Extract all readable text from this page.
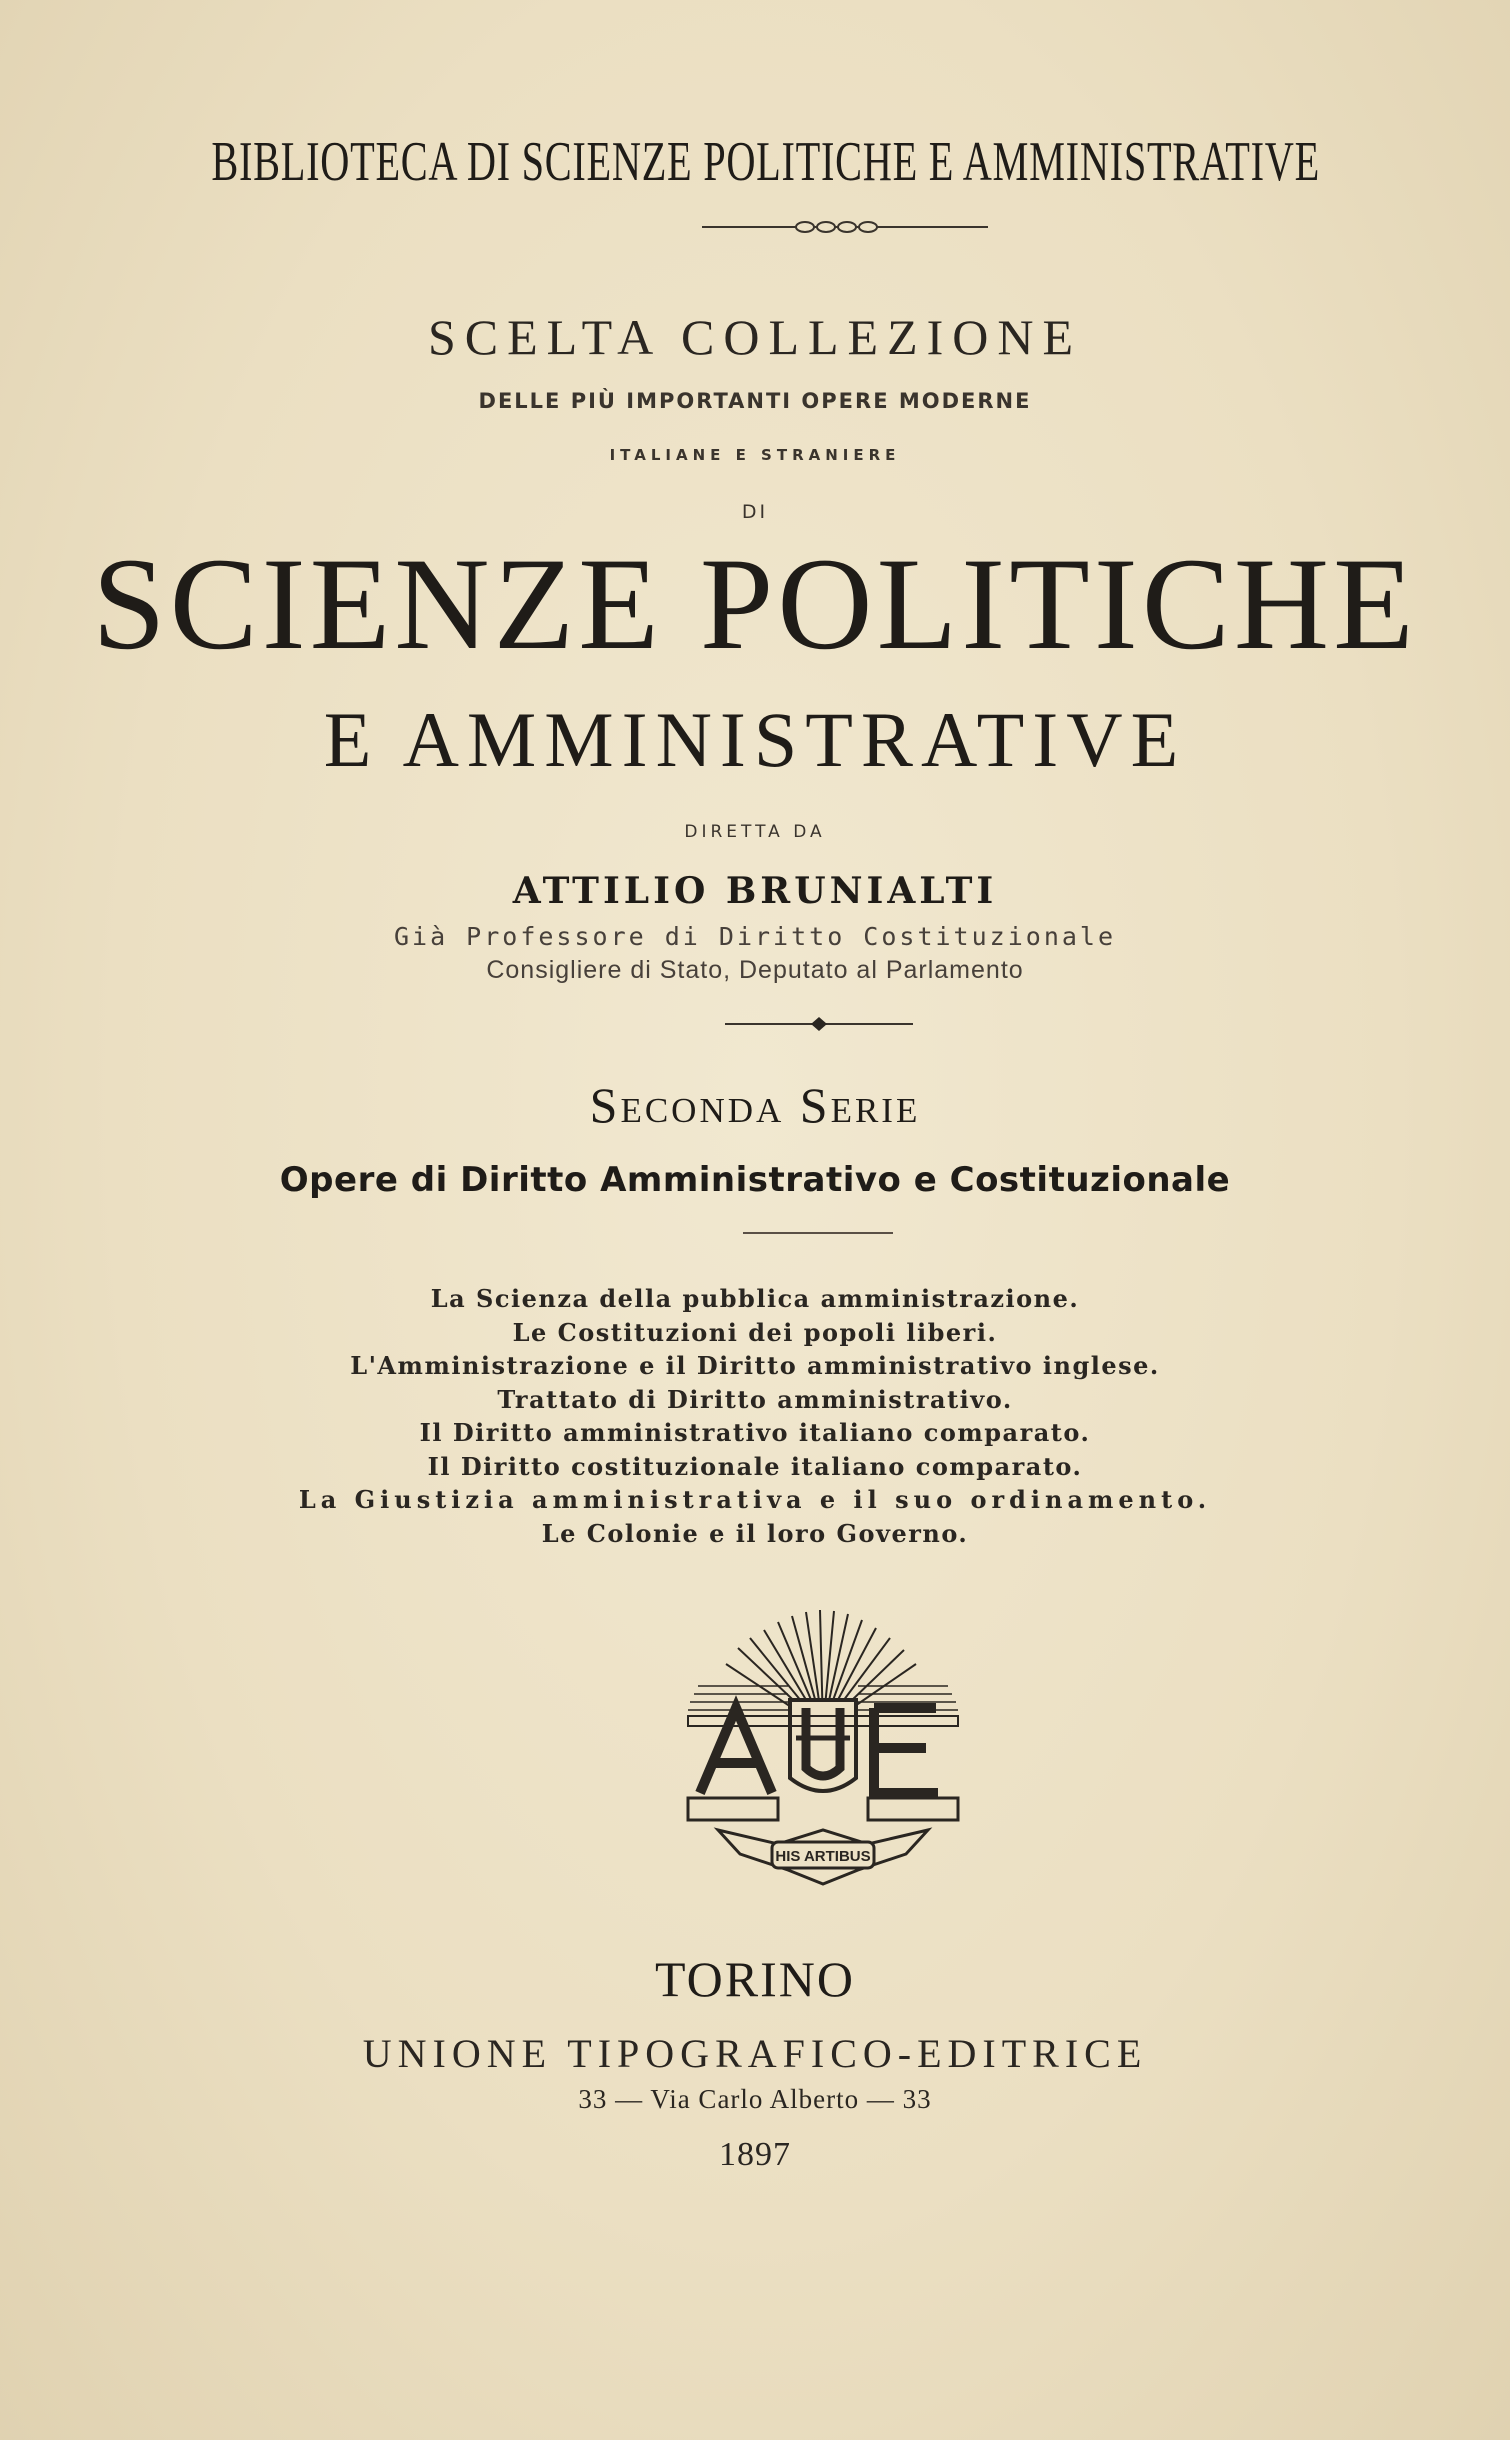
BIBLIOTECA DI SCIENZE POLITICHE E AMMINISTRATIVE
SCELTA COLLEZIONE
DELLE PIÙ IMPORTANTI OPERE MODERNE
ITALIANE E STRANIERE
DI
SCIENZE POLITICHE
E AMMINISTRATIVE
DIRETTA DA
ATTILIO BRUNIALTI
Già Professore di Diritto Costituzionale
Consigliere di Stato, Deputato al Parlamento
Seconda Serie
Opere di Diritto Amministrativo e Costituzionale
La Scienza della pubblica amministrazione.
Le Costituzioni dei popoli liberi.
L'Amministrazione e il Diritto amministrativo inglese.
Trattato di Diritto amministrativo.
Il Diritto amministrativo italiano comparato.
Il Diritto costituzionale italiano comparato.
La Giustizia amministrativa e il suo ordinamento.
Le Colonie e il loro Governo.
HIS ARTIBUS
TORINO
UNIONE TIPOGRAFICO-EDITRICE
33 — Via Carlo Alberto — 33
1897
